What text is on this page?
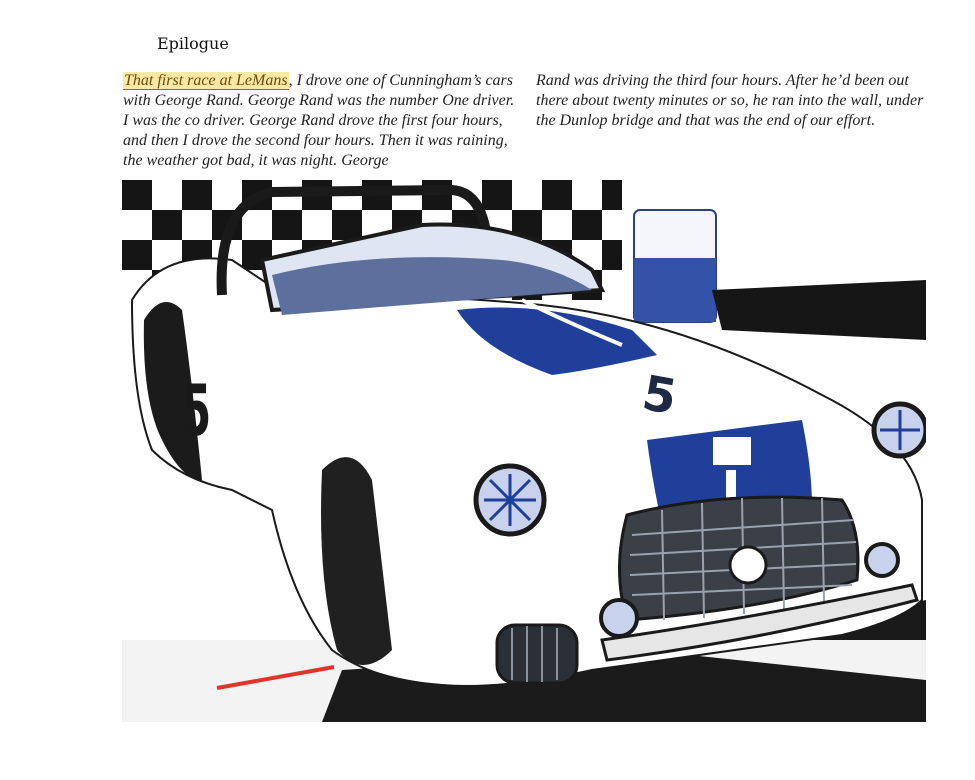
Epilogue
That first race at LeMans, I drove one of Cunningham’s cars with George Rand. George Rand was the number One driver. I was the co driver. George Rand drove the first four hours, and then I drove the second four hours. Then it was raining, the weather got bad, it was night. George
Rand was driving the third four hours. After he’d been out there about twenty minutes or so, he ran into the wall, under the Dunlop bridge and that was the end of our effort.
5
5
